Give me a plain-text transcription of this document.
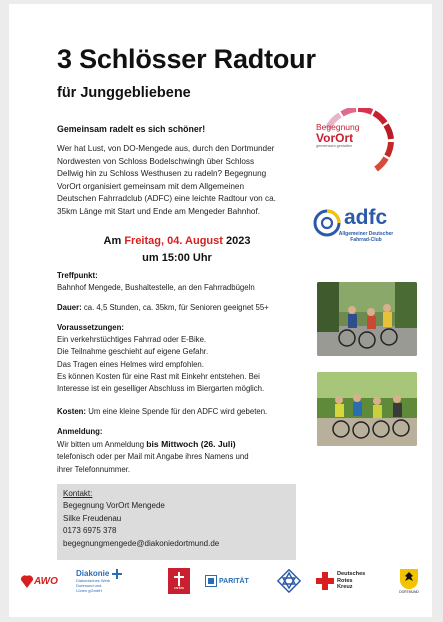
3 Schlösser Radtour
für Junggebliebene
Gemeinsam radelt es sich schöner!
Wer hat Lust, von DO-Mengede aus, durch den Dortmunder
Nordwesten von Schloss Bodelschwingh über Schloss
Dellwig hin zu Schloss Westhusen zu radeln? Begegnung
VorOrt organisiert gemeinsam mit dem Allgemeinen
Deutschen Fahrradclub (ADFC) eine leichte Radtour von ca.
35km Länge mit Start und Ende am Mengeder Bahnhof.
Am Freitag, 04. August 2023
um 15:00 Uhr
Treffpunkt:
Bahnhof Mengede, Bushaltestelle, an den Fahrradbügeln
Dauer: ca. 4,5 Stunden, ca. 35km, für Senioren geeignet 55+
Voraussetzungen:
Ein verkehrstüchtiges Fahrrad oder E-Bike.
Die Teilnahme geschieht auf eigene Gefahr.
Das Tragen eines Helmes wird empfohlen.
Es können Kosten für eine Rast mit Einkehr entstehen. Bei
Interesse ist ein geselliger Abschluss im Biergarten möglich.
Kosten: Um eine kleine Spende für den ADFC wird gebeten.
Anmeldung:
Wir bitten um Anmeldung bis Mittwoch (26. Juli)
telefonisch oder per Mail mit Angabe ihres Namens und
ihrer Telefonnummer.
Kontakt:
Begegnung VorOrt Mengede
Silke Freudenau
0173 6975 378
begegnungmengede@diakoniedortmund.de
Begegnung
VorOrt
gemeinsam gestalten
adfc
Allgemeiner Deutscher
Fahrrad-Club
AWO
Diakonie
Diakonisches Werk
Dortmund und
Lünen gGmbH	caritas
PARITÄT
Deutsches
Rotes
Kreuz
DORTMUND
